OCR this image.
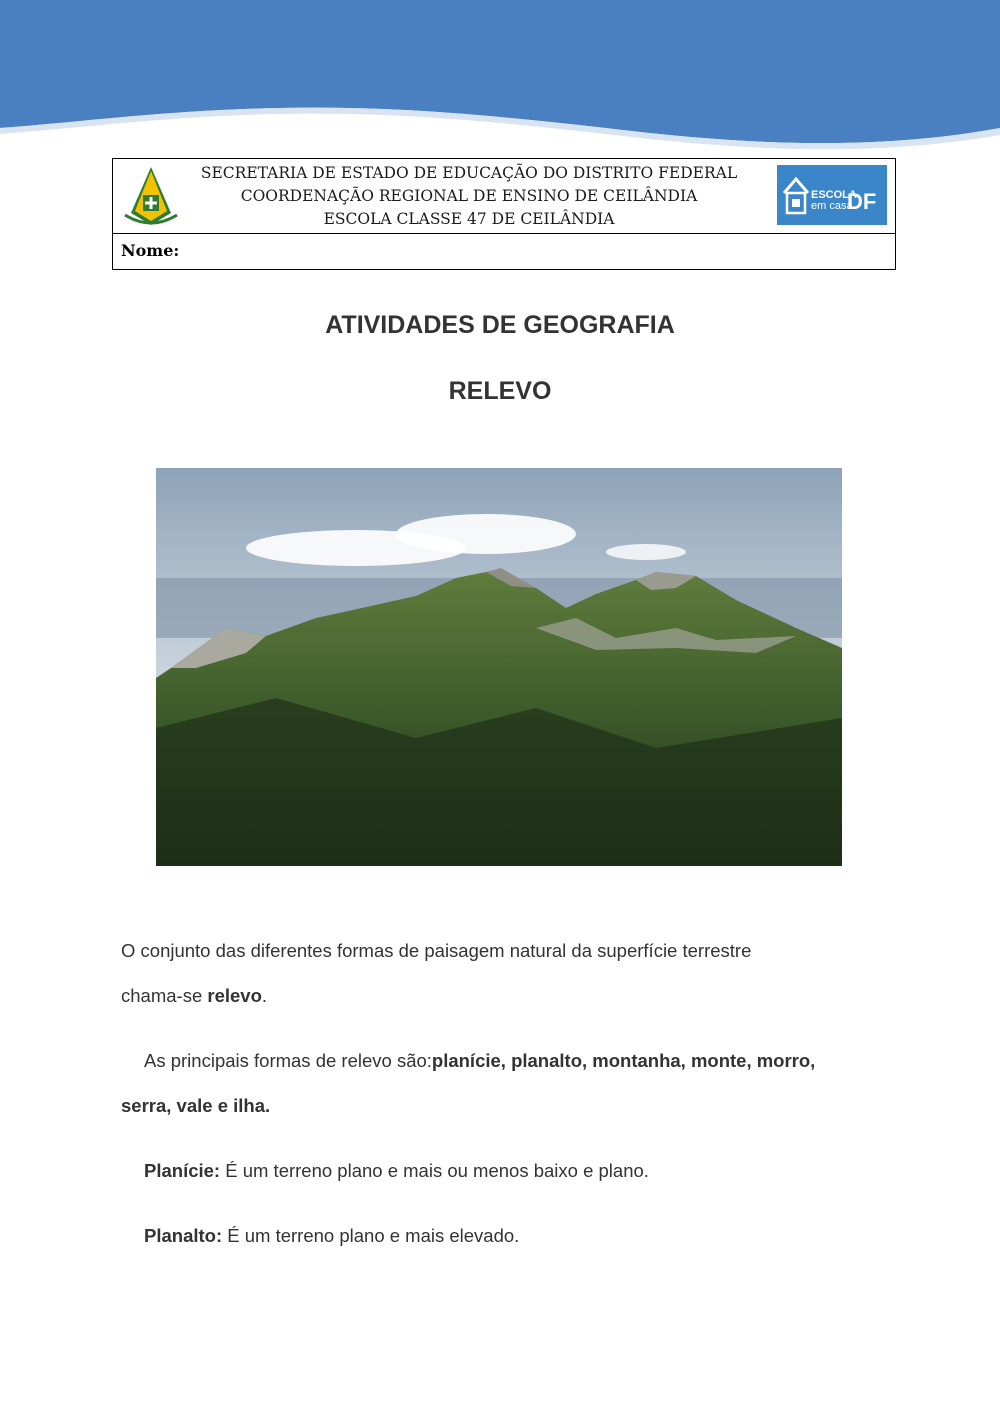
SECRETARIA DE ESTADO DE EDUCAÇÃO DO DISTRITO FEDERAL
COORDENAÇÃO REGIONAL DE ENSINO DE CEILÂNDIA
ESCOLA CLASSE 47 DE CEILÂNDIA
ESCOLA
em casa
DF
Nome:
ATIVIDADES DE GEOGRAFIA
RELEVO
O conjunto das diferentes formas de paisagem natural da superfície terrestre
chama-se relevo.
As principais formas de relevo são:planície, planalto, montanha, monte, morro,
serra, vale e ilha.
Planície: É um terreno plano e mais ou menos baixo e plano.
Planalto: É um terreno plano e mais elevado.
